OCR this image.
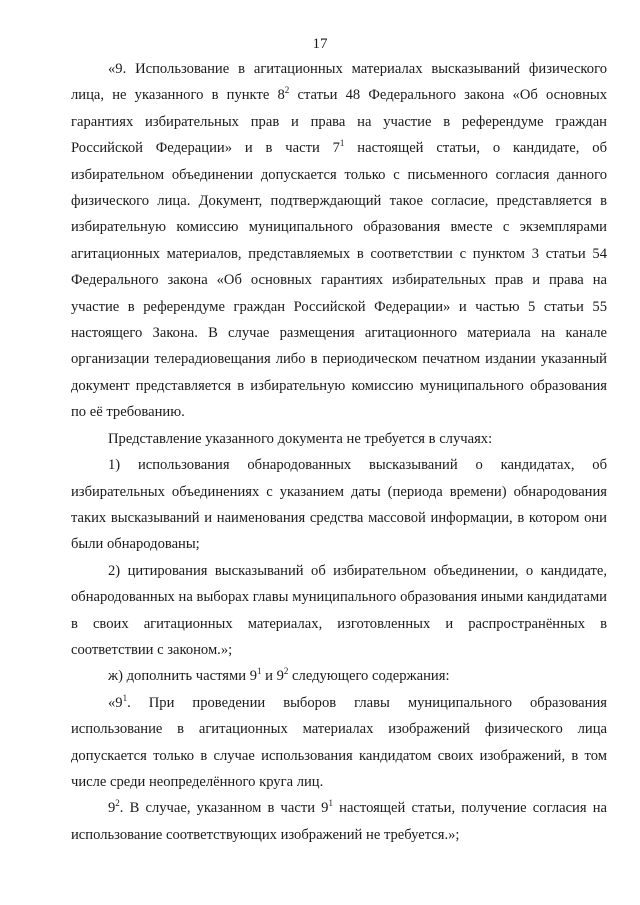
17

«9. Использование в агитационных материалах высказываний физического лица, не указанного в пункте $8^2$ статьи 48 Федерального закона «Об основных гарантиях избирательных прав и права на участие в референдуме граждан Российской Федерации» и в части $7^1$ настоящей статьи, о кандидате, об избирательном объединении допускается только с письменного согласия данного физического лица. Документ, подтверждающий такое согласие, представляется в избирательную комиссию муниципального образования вместе с экземплярами агитационных материалов, представляемых в соответствии с пунктом 3 статьи 54 Федерального закона «Об основных гарантиях избирательных прав и права на участие в референдуме граждан Российской Федерации» и частью 5 статьи 55 настоящего Закона. В случае размещения агитационного материала на канале организации телерадиовещания либо в периодическом печатном издании указанный документ представляется в избирательную комиссию муниципального образования по её требованию.

Представление указанного документа не требуется в случаях:

1) использования обнародованных высказываний о кандидатах, об избирательных объединениях с указанием даты (периода времени) обнародования таких высказываний и наименования средства массовой информации, в котором они были обнародованы;

2) цитирования высказываний об избирательном объединении, о кандидате, обнародованных на выборах главы муниципального образования иными кандидатами в своих агитационных материалах, изготовленных и распространённых в соответствии с законом.»;

ж) дополнить частями $9^1$ и $9^2$ следующего содержания:

«$9^1$. При проведении выборов главы муниципального образования использование в агитационных материалах изображений физического лица допускается только в случае использования кандидатом своих изображений, в том числе среди неопределённого круга лиц.

$9^2$. В случае, указанном в части $9^1$ настоящей статьи, получение согласия на использование соответствующих изображений не требуется.»;
